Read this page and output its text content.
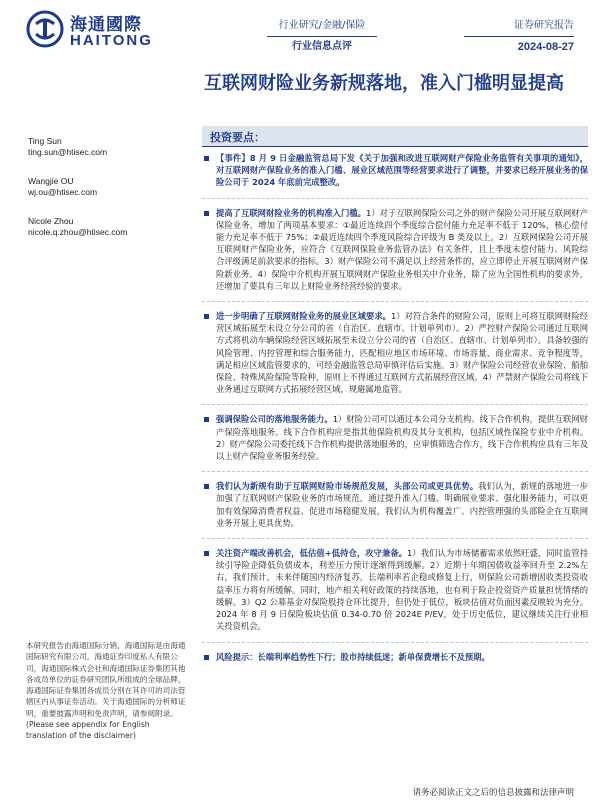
海通國際
HAITONG
行业研究/金融/保险
行业信息点评
证券研究报告
2024-08-27
互联网财险业务新规落地，准入门槛明显提高
Ting Sun
ting.sun@htisec.com
Wangjie OU
wj.ou@htisec.com
Nicole Zhou
nicole.q.zhou@htisec.com
投资要点：
【事件】8 月 9 日金融监管总局下发《关于加强和改进互联网财产保险业务监管有关事项的通知》，对互联网财产保险业务的准入门槛、展业区域范围等经营要求进行了调整，并要求已经开展业务的保险公司于 2024 年底前完成整改。
提高了互联网财险业务的机构准入门槛。1）对于互联网保险公司之外的财产保险公司开展互联网财产保险业务，增加了两项基本要求：①最近连续四个季度综合偿付能力充足率不低于 120%，核心偿付能力充足率不低于 75%；②最近连续四个季度风险综合评级为 B 类及以上。2）互联网保险公司开展互联网财产保险业务，应符合《互联网保险业务监管办法》有关条件，且上季度末偿付能力、风险综合评级满足前款要求的指标。3）财产保险公司不满足以上经营条件的，应立即停止开展互联网财产保险新业务。4）保险中介机构开展互联网财产保险业务相关中介业务，除了应为全国性机构的要求外，还增加了要具有三年以上财险业务经营经验的要求。
进一步明确了互联网财险业务的展业区域要求。1）对符合条件的财险公司，原则上可将互联网财险经营区域拓展至未设立分公司的省（自治区、直辖市、计划单列市）。2）严控财产保险公司通过互联网方式将机动车辆保险经营区域拓展至未设立分公司的省（自治区、直辖市、计划单列市）。具备较强的风险管理、内控管理和综合服务能力，匹配相应地区市场环境、市场容量、商业需求、竞争程度等，满足相应区域监管要求的，可经金融监管总局审慎评估后实施。3）财产保险公司经营农业保险、船舶保险、特殊风险保险等险种，原则上不得通过互联网方式拓展经营区域。4）严禁财产保险公司将线下业务通过互联网方式拓展经营区域，规避属地监管。
强调保险公司的落地服务能力。1）财险公司可以通过本公司分支机构、线下合作机构，提供互联网财产保险落地服务。线下合作机构应是指其他保险机构及其分支机构，包括区域性保险专业中介机构。2）财产保险公司委托线下合作机构提供落地服务的，应审慎筛选合作方，线下合作机构应具有三年及以上财产保险业务服务经验。
我们认为新规有助于互联网财险市场规范发展，头部公司或更具优势。我们认为，新规的落地进一步加强了互联网财产保险业务的市场规范，通过提升准入门槛、明确展业要求、强化服务能力，可以更加有效保障消费者权益、促进市场稳健发展，我们认为机构覆盖广、内控管理强的头部险企在互联网业务开展上更具优势。
关注资产端改善机会，低估值+低持仓，攻守兼备。1）我们认为市场储蓄需求依然旺盛，同时监管持续引导险企降低负债成本，利差压力预计逐渐得到缓解。2）近期十年期国债收益率回升至 2.2%左右，我们预计，未来伴随国内经济复苏，长端利率若企稳或修复上行，则保险公司新增固收类投资收益率压力将有所缓解。同时，地产相关利好政策的持续落地，也有利于险企投资资产质量担忧情绪的缓解。3）Q2 公募基金对保险股持仓环比提升，但仍处于低位，板块估值对负面因素反映较为充分。2024 年 8 月 9 日保险板块估值 0.34-0.70 倍 2024E P/EV，处于历史低位，建议继续关注行业相关投资机会。
风险提示：长端利率趋势性下行；股市持续低迷；新单保费增长不及预期。
本研究报告由海通国际分销，海通国际是由海通国际研究有限公司，海通证券印度私人有限公司，海通国际株式会社和海通国际证券集团其他各成员单位的证券研究团队所组成的全球品牌，海通国际证券集团各成员分别在其许可的司法管辖区内从事证券活动。关于海通国际的分析师证明，重要披露声明和免责声明，请参阅附录。(Please see appendix for English translation of the disclaimer)
请务必阅读正文之后的信息披露和法律声明
